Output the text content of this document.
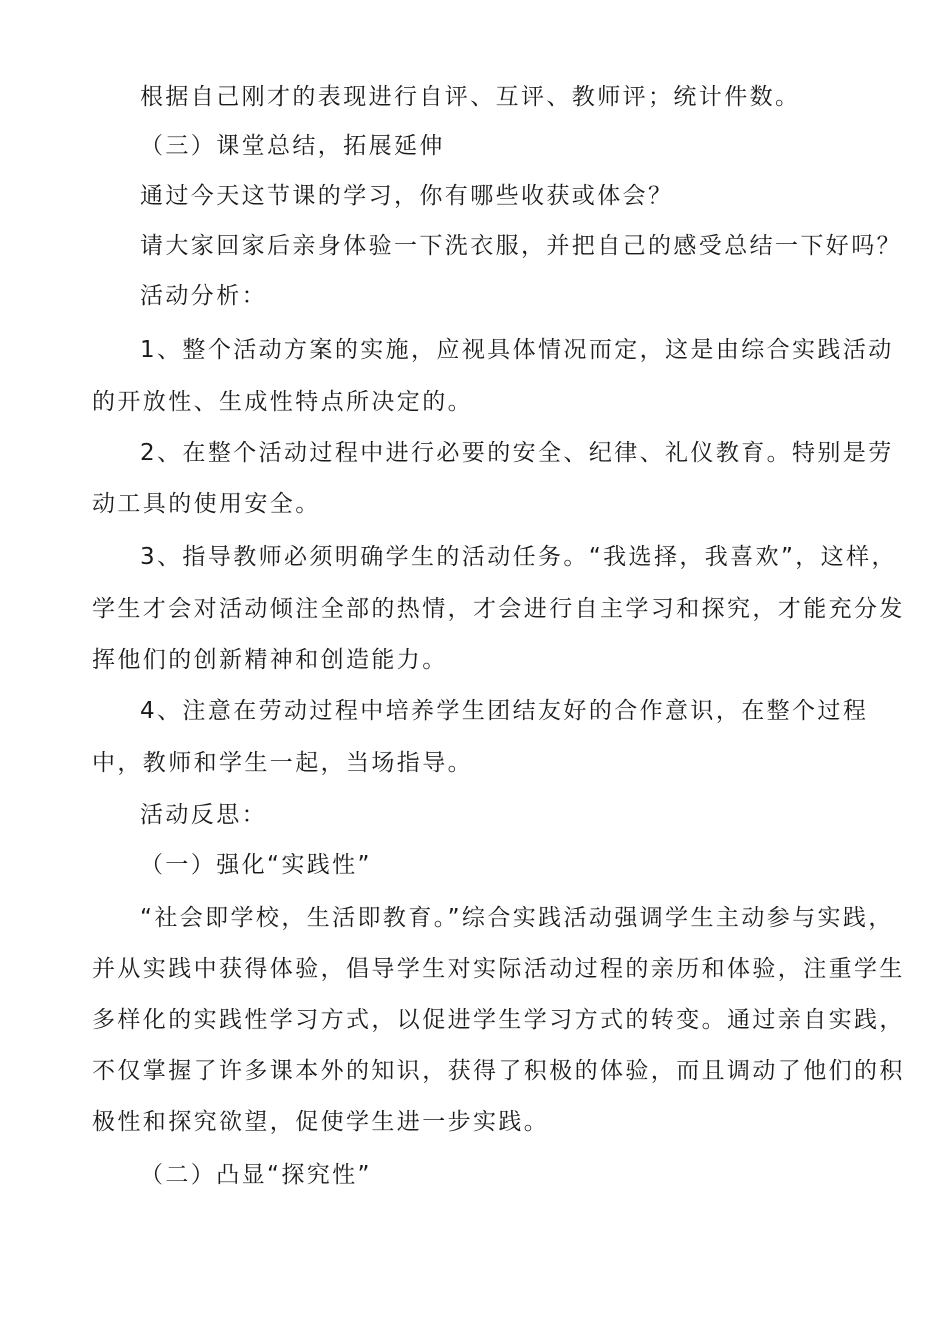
根据自己刚才的表现进行自评、互评、教师评；统计件数。
（三）课堂总结，拓展延伸
通过今天这节课的学习，你有哪些收获或体会？
请大家回家后亲身体验一下洗衣服，并把自己的感受总结一下好吗？
活动分析：
1、整个活动方案的实施，应视具体情况而定，这是由综合实践活动
的开放性、生成性特点所决定的。
2、在整个活动过程中进行必要的安全、纪律、礼仪教育。特别是劳
动工具的使用安全。
3、指导教师必须明确学生的活动任务。“我选择，我喜欢”，这样，
学生才会对活动倾注全部的热情，才会进行自主学习和探究，才能充分发
挥他们的创新精神和创造能力。
4、注意在劳动过程中培养学生团结友好的合作意识，在整个过程
中，教师和学生一起，当场指导。
活动反思：
（一）强化“实践性”
“社会即学校，生活即教育。”综合实践活动强调学生主动参与实践，
并从实践中获得体验，倡导学生对实际活动过程的亲历和体验，注重学生
多样化的实践性学习方式，以促进学生学习方式的转变。通过亲自实践，
不仅掌握了许多课本外的知识，获得了积极的体验，而且调动了他们的积
极性和探究欲望，促使学生进一步实践。
（二）凸显“探究性”
